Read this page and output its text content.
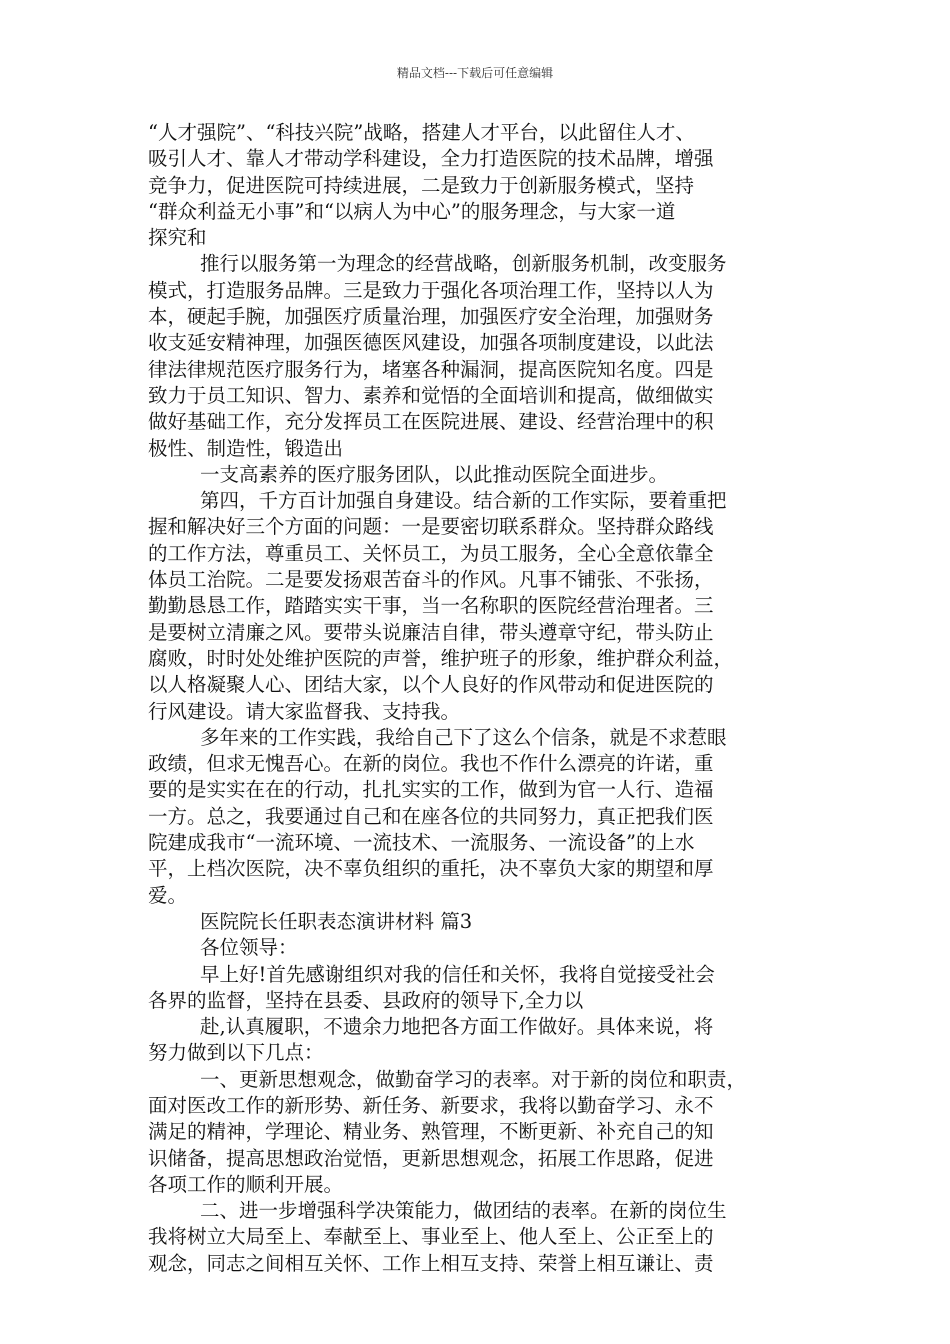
精品文档---下载后可任意编辑
“人才强院”、“科技兴院”战略，搭建人才平台，以此留住人才、
吸引人才、靠人才带动学科建设，全力打造医院的技术品牌，增强
竞争力，促进医院可持续进展，二是致力于创新服务模式，坚持
“群众利益无小事”和“以病人为中心”的服务理念，与大家一道
探究和
推行以服务第一为理念的经营战略，创新服务机制，改变服务
模式，打造服务品牌。三是致力于强化各项治理工作，坚持以人为
本，硬起手腕，加强医疗质量治理，加强医疗安全治理，加强财务
收支延安精神理，加强医德医风建设，加强各项制度建设，以此法
律法律规范医疗服务行为，堵塞各种漏洞，提高医院知名度。四是
致力于员工知识、智力、素养和觉悟的全面培训和提高，做细做实
做好基础工作，充分发挥员工在医院进展、建设、经营治理中的积
极性、制造性，锻造出
一支高素养的医疗服务团队，以此推动医院全面进步。
第四，千方百计加强自身建设。结合新的工作实际，要着重把
握和解决好三个方面的问题：一是要密切联系群众。坚持群众路线
的工作方法，尊重员工、关怀员工，为员工服务，全心全意依靠全
体员工治院。二是要发扬艰苦奋斗的作风。凡事不铺张、不张扬，
勤勤恳恳工作，踏踏实实干事，当一名称职的医院经营治理者。三
是要树立清廉之风。要带头说廉洁自律，带头遵章守纪，带头防止
腐败，时时处处维护医院的声誉，维护班子的形象，维护群众利益，
以人格凝聚人心、团结大家，以个人良好的作风带动和促进医院的
行风建设。请大家监督我、支持我。
多年来的工作实践，我给自己下了这么个信条，就是不求惹眼
政绩，但求无愧吾心。在新的岗位。我也不作什么漂亮的许诺，重
要的是实实在在的行动，扎扎实实的工作，做到为官一人行、造福
一方。总之，我要通过自己和在座各位的共同努力，真正把我们医
院建成我市“一流环境、一流技术、一流服务、一流设备”的上水
平，上档次医院，决不辜负组织的重托，决不辜负大家的期望和厚
爱。
医院院长任职表态演讲材料 篇3
各位领导：
早上好!首先感谢组织对我的信任和关怀，我将自觉接受社会
各界的监督，坚持在县委、县政府的领导下,全力以
赴,认真履职，不遗余力地把各方面工作做好。具体来说，将
努力做到以下几点：
一、更新思想观念，做勤奋学习的表率。对于新的岗位和职责，
面对医改工作的新形势、新任务、新要求，我将以勤奋学习、永不
满足的精神，学理论、精业务、熟管理，不断更新、补充自己的知
识储备，提高思想政治觉悟，更新思想观念，拓展工作思路，促进
各项工作的顺利开展。
二、进一步增强科学决策能力，做团结的表率。在新的岗位生
我将树立大局至上、奉献至上、事业至上、他人至上、公正至上的
观念，同志之间相互关怀、工作上相互支持、荣誉上相互谦让、责
